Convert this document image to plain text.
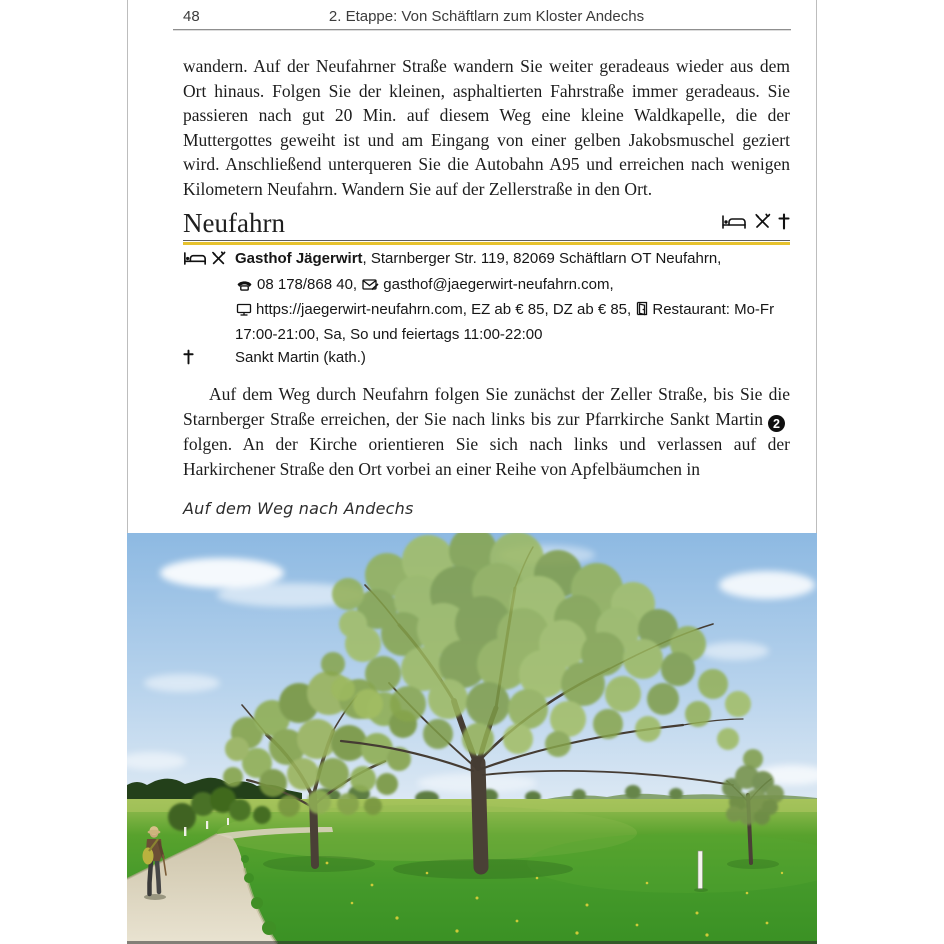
48	2. Etappe: Von Schäftlarn zum Kloster Andechs
wandern. Auf der Neufahrner Straße wandern Sie weiter geradeaus wieder aus dem Ort hinaus. Folgen Sie der kleinen, asphaltierten Fahrstraße immer geradeaus. Sie passieren nach gut 20 Min. auf diesem Weg eine kleine Waldkapelle, die der Muttergottes geweiht ist und am Eingang von einer gelben Jakobsmuschel geziert wird. Anschließend unterqueren Sie die Autobahn A95 und erreichen nach wenigen Kilometern Neufahrn. Wandern Sie auf der Zellerstraße in den Ort.
Neufahrn
Gasthof Jägerwirt, Starnberger Str. 119, 82069 Schäftlarn OT Neufahrn,
08 178/868 40, gasthof@jaegerwirt-neufahrn.com,
https://jaegerwirt-neufahrn.com, EZ ab € 85, DZ ab € 85, Restaurant: Mo-Fr
17:00-21:00, Sa, So und feiertags 11:00-22:00
Sankt Martin (kath.)
Auf dem Weg durch Neufahrn folgen Sie zunächst der Zeller Straße, bis Sie die Starnberger Straße erreichen, der Sie nach links bis zur Pfarrkirche Sankt Martin 2folgen. An der Kirche orientieren Sie sich nach links und verlassen auf der Harkirchener Straße den Ort vorbei an einer Reihe von Apfelbäumchen in
Auf dem Weg nach Andechs
